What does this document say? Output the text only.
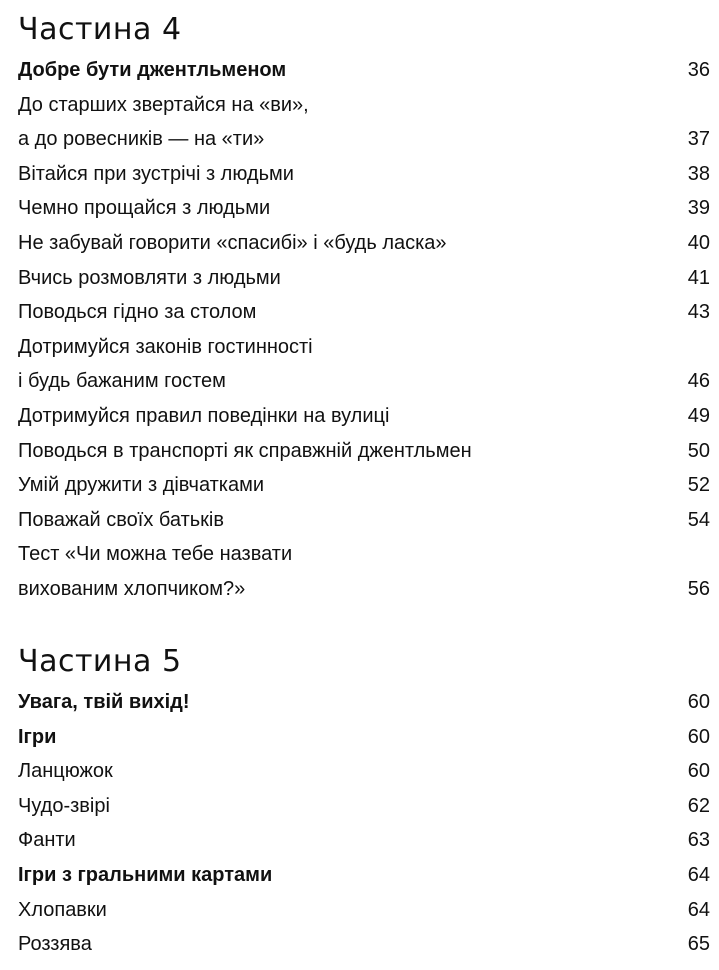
Частина 4
Добре бути джентльменом	36
До старших звертайся на «ви»,
а до ровесників — на «ти»	37
Вітайся при зустрічі з людьми	38
Чемно прощайся з людьми	39
Не забувай говорити «спасибі» і «будь ласка»	40
Вчись розмовляти з людьми	41
Поводься гідно за столом	43
Дотримуйся законів гостинності
і будь бажаним гостем	46
Дотримуйся правил поведінки на вулиці	49
Поводься в транспорті як справжній джентльмен	50
Умій дружити з дівчатками	52
Поважай своїх батьків	54
Тест «Чи можна тебе назвати
вихованим хлопчиком?»	56
Частина 5
Увага, твій вихід!	60
Ігри	60
Ланцюжок	60
Чудо-звірі	62
Фанти	63
Ігри з гральними картами	64
Хлопавки	64
Роззява	65
